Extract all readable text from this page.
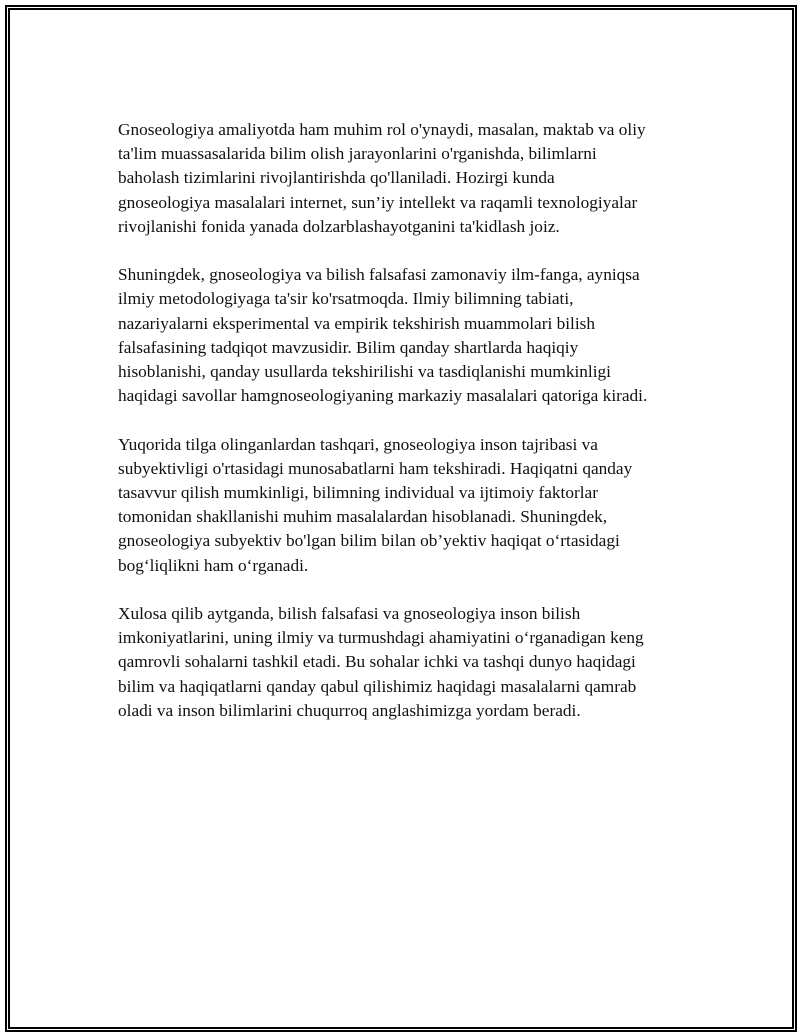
Gnoseologiya amaliyotda ham muhim rol o'ynaydi, masalan, maktab va oliy
ta'lim muassasalarida bilim olish jarayonlarini o'rganishda, bilimlarni
baholash tizimlarini rivojlantirishda qo'llaniladi. Hozirgi kunda
gnoseologiya masalalari internet, sun’iy intellekt va raqamli texnologiyalar
rivojlanishi fonida yanada dolzarblashayotganini ta'kidlash joiz.

Shuningdek, gnoseologiya va bilish falsafasi zamonaviy ilm-fanga, ayniqsa
ilmiy metodologiyaga ta'sir ko'rsatmoqda. Ilmiy bilimning tabiati,
nazariyalarni eksperimental va empirik tekshirish muammolari bilish
falsafasining tadqiqot mavzusidir. Bilim qanday shartlarda haqiqiy
hisoblanishi, qanday usullarda tekshirilishi va tasdiqlanishi mumkinligi
haqidagi savollar hamgnoseologiyaning markaziy masalalari qatoriga kiradi.

Yuqorida tilga olinganlardan tashqari, gnoseologiya inson tajribasi va
subyektivligi o'rtasidagi munosabatlarni ham tekshiradi. Haqiqatni qanday
tasavvur qilish mumkinligi, bilimning individual va ijtimoiy faktorlar
tomonidan shakllanishi muhim masalalardan hisoblanadi. Shuningdek,
gnoseologiya subyektiv bo'lgan bilim bilan ob’yektiv haqiqat o‘rtasidagi
bog‘liqlikni ham o‘rganadi.

Xulosa qilib aytganda, bilish falsafasi va gnoseologiya inson bilish
imkoniyatlarini, uning ilmiy va turmushdagi ahamiyatini o‘rganadigan keng
qamrovli sohalarni tashkil etadi. Bu sohalar ichki va tashqi dunyo haqidagi
bilim va haqiqatlarni qanday qabul qilishimiz haqidagi masalalarni qamrab
oladi va inson bilimlarini chuqurroq anglashimizga yordam beradi.
